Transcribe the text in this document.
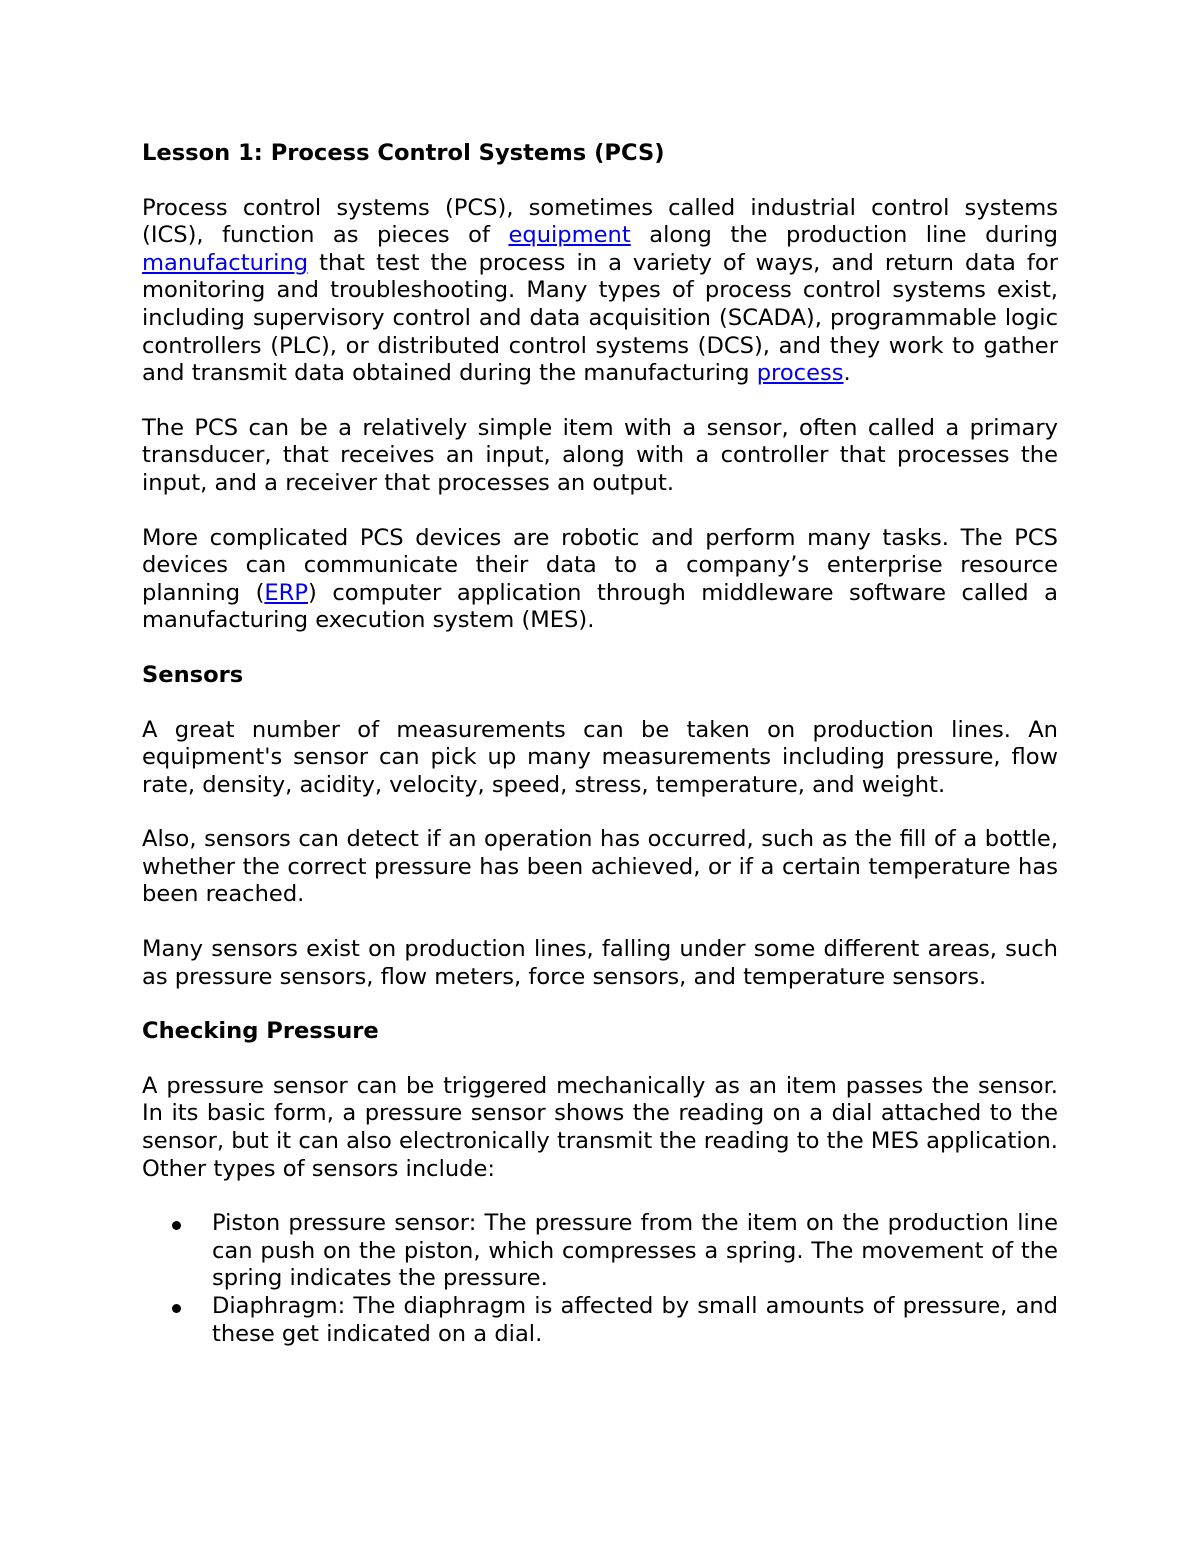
Lesson 1: Process Control Systems (PCS)

Process control systems (PCS), sometimes called industrial control systems (ICS), function as pieces of equipment along the production line during manufacturing that test the process in a variety of ways, and return data for monitoring and troubleshooting. Many types of process control systems exist, including supervisory control and data acquisition (SCADA), programmable logic controllers (PLC), or distributed control systems (DCS), and they work to gather and transmit data obtained during the manufacturing process.

The PCS can be a relatively simple item with a sensor, often called a primary transducer, that receives an input, along with a controller that processes the input, and a receiver that processes an output.

More complicated PCS devices are robotic and perform many tasks. The PCS devices can communicate their data to a company’s enterprise resource planning (ERP) computer application through middleware software called a manufacturing execution system (MES).

Sensors

A great number of measurements can be taken on production lines. An equipment's sensor can pick up many measurements including pressure, flow rate, density, acidity, velocity, speed, stress, temperature, and weight.

Also, sensors can detect if an operation has occurred, such as the fill of a bottle, whether the correct pressure has been achieved, or if a certain temperature has been reached.

Many sensors exist on production lines, falling under some different areas, such as pressure sensors, flow meters, force sensors, and temperature sensors.

Checking Pressure

A pressure sensor can be triggered mechanically as an item passes the sensor. In its basic form, a pressure sensor shows the reading on a dial attached to the sensor, but it can also electronically transmit the reading to the MES application. Other types of sensors include:

Piston pressure sensor: The pressure from the item on the production line can push on the piston, which compresses a spring. The movement of the spring indicates the pressure.
Diaphragm: The diaphragm is affected by small amounts of pressure, and these get indicated on a dial.
